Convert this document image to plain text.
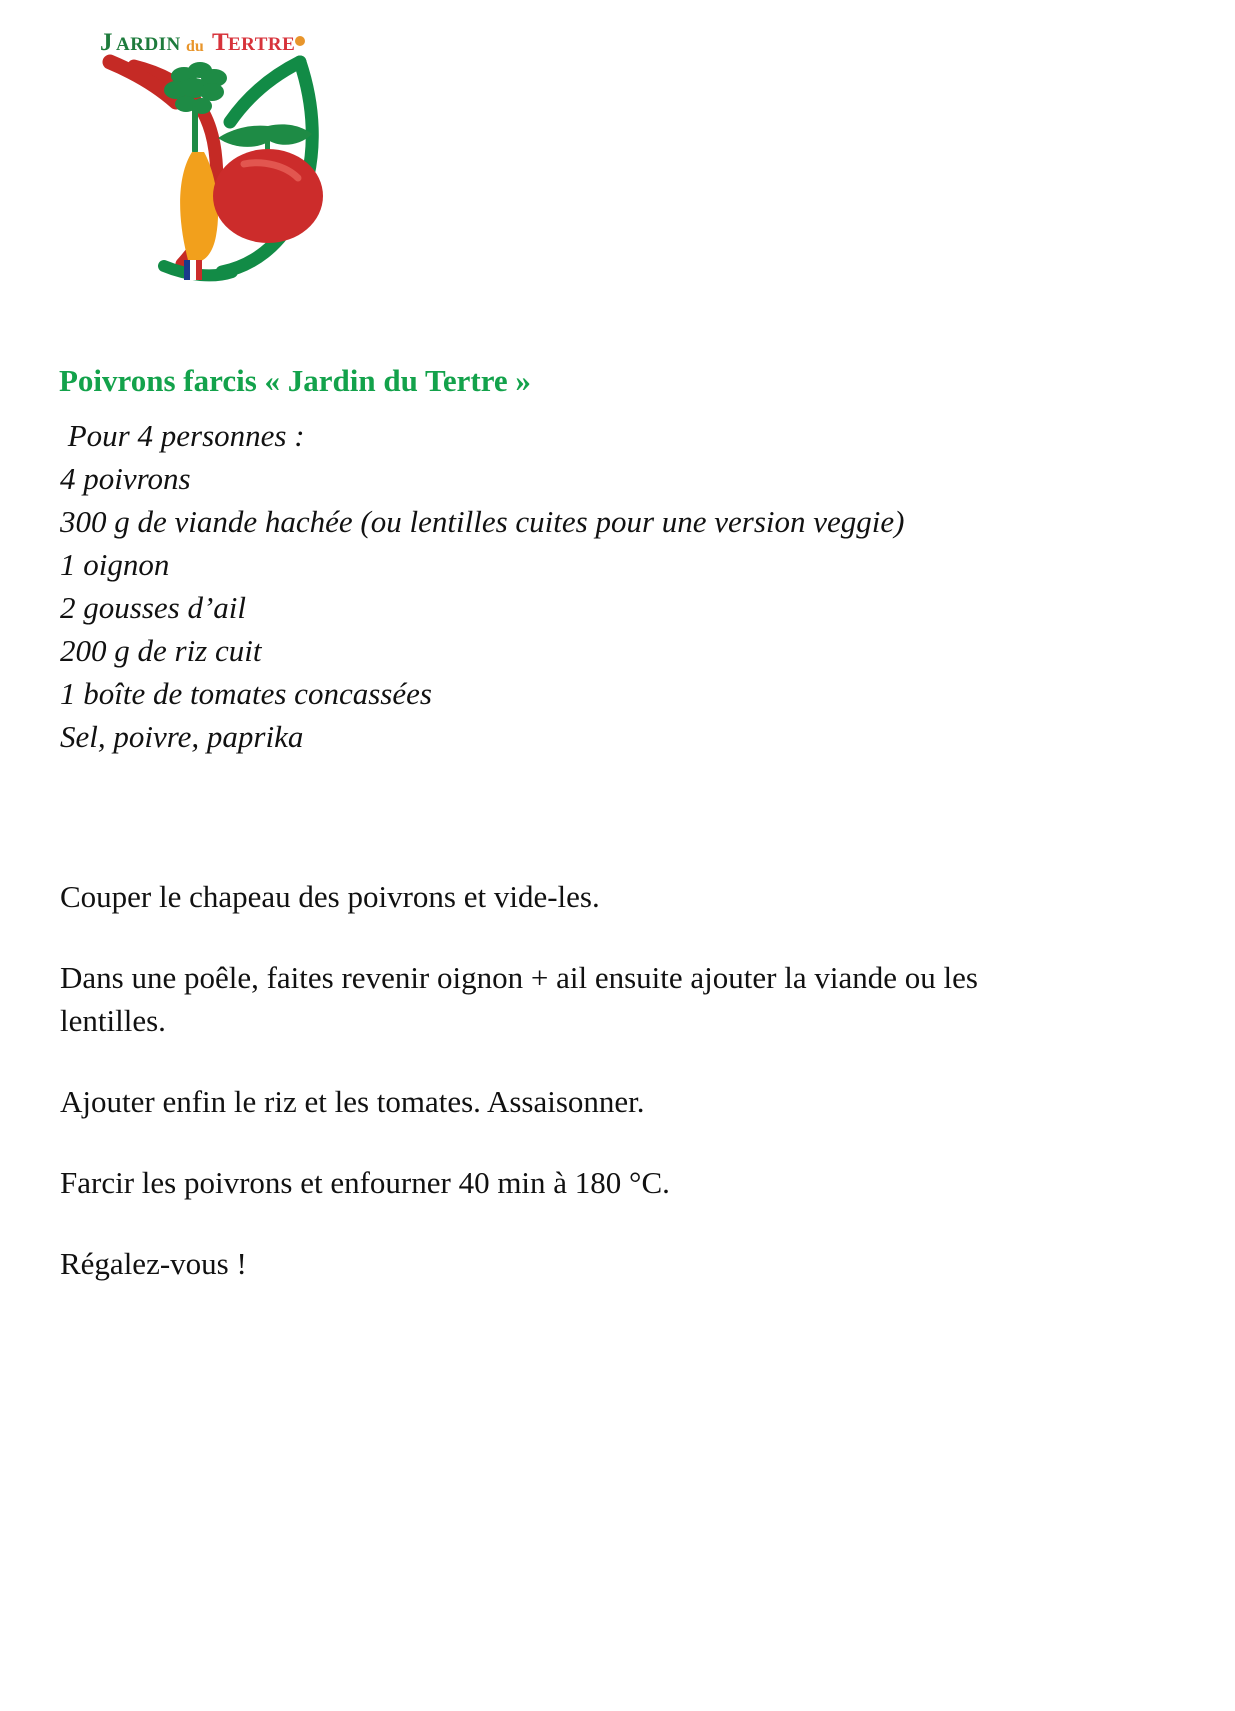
J ARDIN du T ERTRE
Poivrons farcis « Jardin du Tertre »
Pour 4 personnes :
4 poivrons
300 g de viande hachée (ou lentilles cuites pour une version veggie)
1 oignon
2 gousses d’ail
200 g de riz cuit
1 boîte de tomates concassées
Sel, poivre, paprika

Couper le chapeau des poivrons et vide-les.

Dans une poêle, faites revenir oignon + ail ensuite ajouter la viande ou les lentilles.

Ajouter enfin le riz et les tomates. Assaisonner.

Farcir les poivrons et enfourner 40 min à 180 °C.

Régalez-vous !
